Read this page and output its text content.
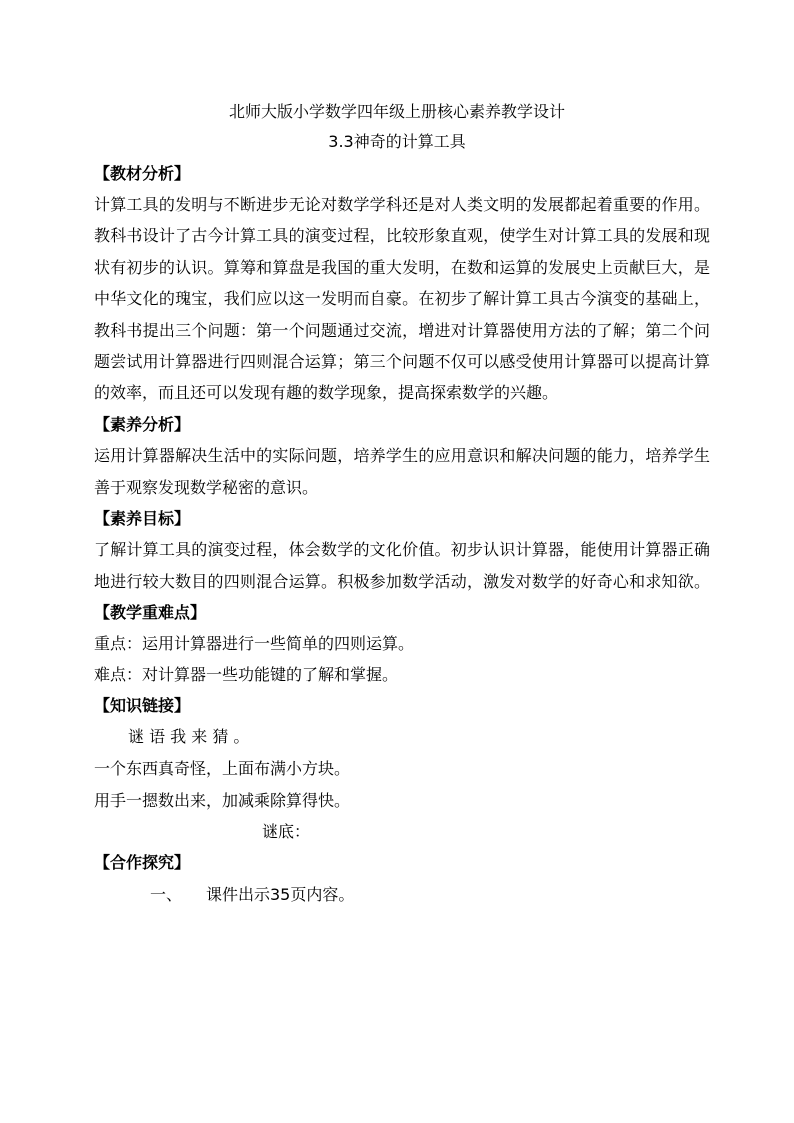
北师大版小学数学四年级上册核心素养教学设计
3.3神奇的计算工具
【教材分析】
计算工具的发明与不断进步无论对数学学科还是对人类文明的发展都起着重要的作用。
教科书设计了古今计算工具的演变过程，比较形象直观，使学生对计算工具的发展和现
状有初步的认识。算筹和算盘是我国的重大发明，在数和运算的发展史上贡献巨大，是
中华文化的瑰宝，我们应以这一发明而自豪。在初步了解计算工具古今演变的基础上，
教科书提出三个问题：第一个问题通过交流，增进对计算器使用方法的了解；第二个问
题尝试用计算器进行四则混合运算；第三个问题不仅可以感受使用计算器可以提高计算
的效率，而且还可以发现有趣的数学现象，提高探索数学的兴趣。
【素养分析】
运用计算器解决生活中的实际问题，培养学生的应用意识和解决问题的能力，培养学生
善于观察发现数学秘密的意识。
【素养目标】
了解计算工具的演变过程，体会数学的文化价值。初步认识计算器，能使用计算器正确
地进行较大数目的四则混合运算。积极参加数学活动，激发对数学的好奇心和求知欲。
【教学重难点】
重点：运用计算器进行一些简单的四则运算。
难点：对计算器一些功能键的了解和掌握。
【知识链接】
谜 语 我 来 猜 。
一个东西真奇怪，上面布满小方块。
用手一摁数出来，加减乘除算得快。
谜底：
【合作探究】
一、	课件出示35页内容。
